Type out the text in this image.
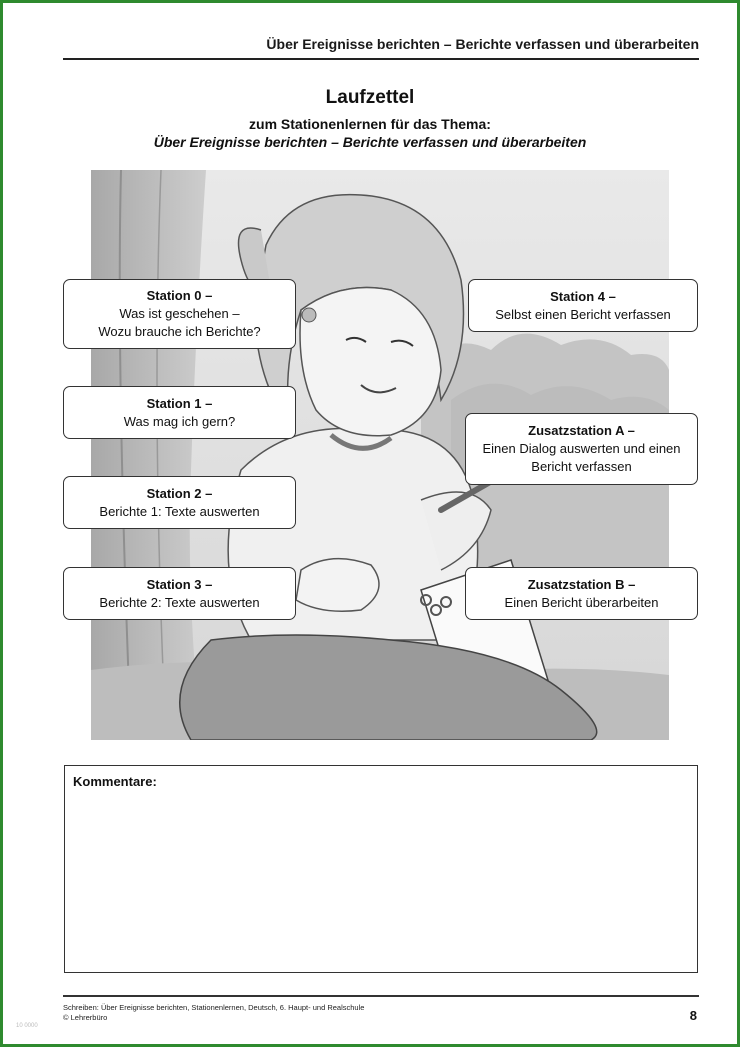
Über Ereignisse berichten – Berichte verfassen und überarbeiten
Laufzettel
zum Stationenlernen für das Thema:
Über Ereignisse berichten – Berichte verfassen und überarbeiten
Station 0 –
Was ist geschehen –
Wozu brauche ich Berichte?
Station 1 –
Was mag ich gern?
Station 2 –
Berichte 1: Texte auswerten
Station 3 –
Berichte 2: Texte auswerten
Station 4 –
Selbst einen Bericht verfassen
Zusatzstation A –
Einen Dialog auswerten und einen
Bericht verfassen
Zusatzstation B –
Einen Bericht überarbeiten
Kommentare:
Schreiben: Über Ereignisse berichten, Stationenlernen, Deutsch, 6. Haupt- und Realschule
© Lehrerbüro	8
10 0000
